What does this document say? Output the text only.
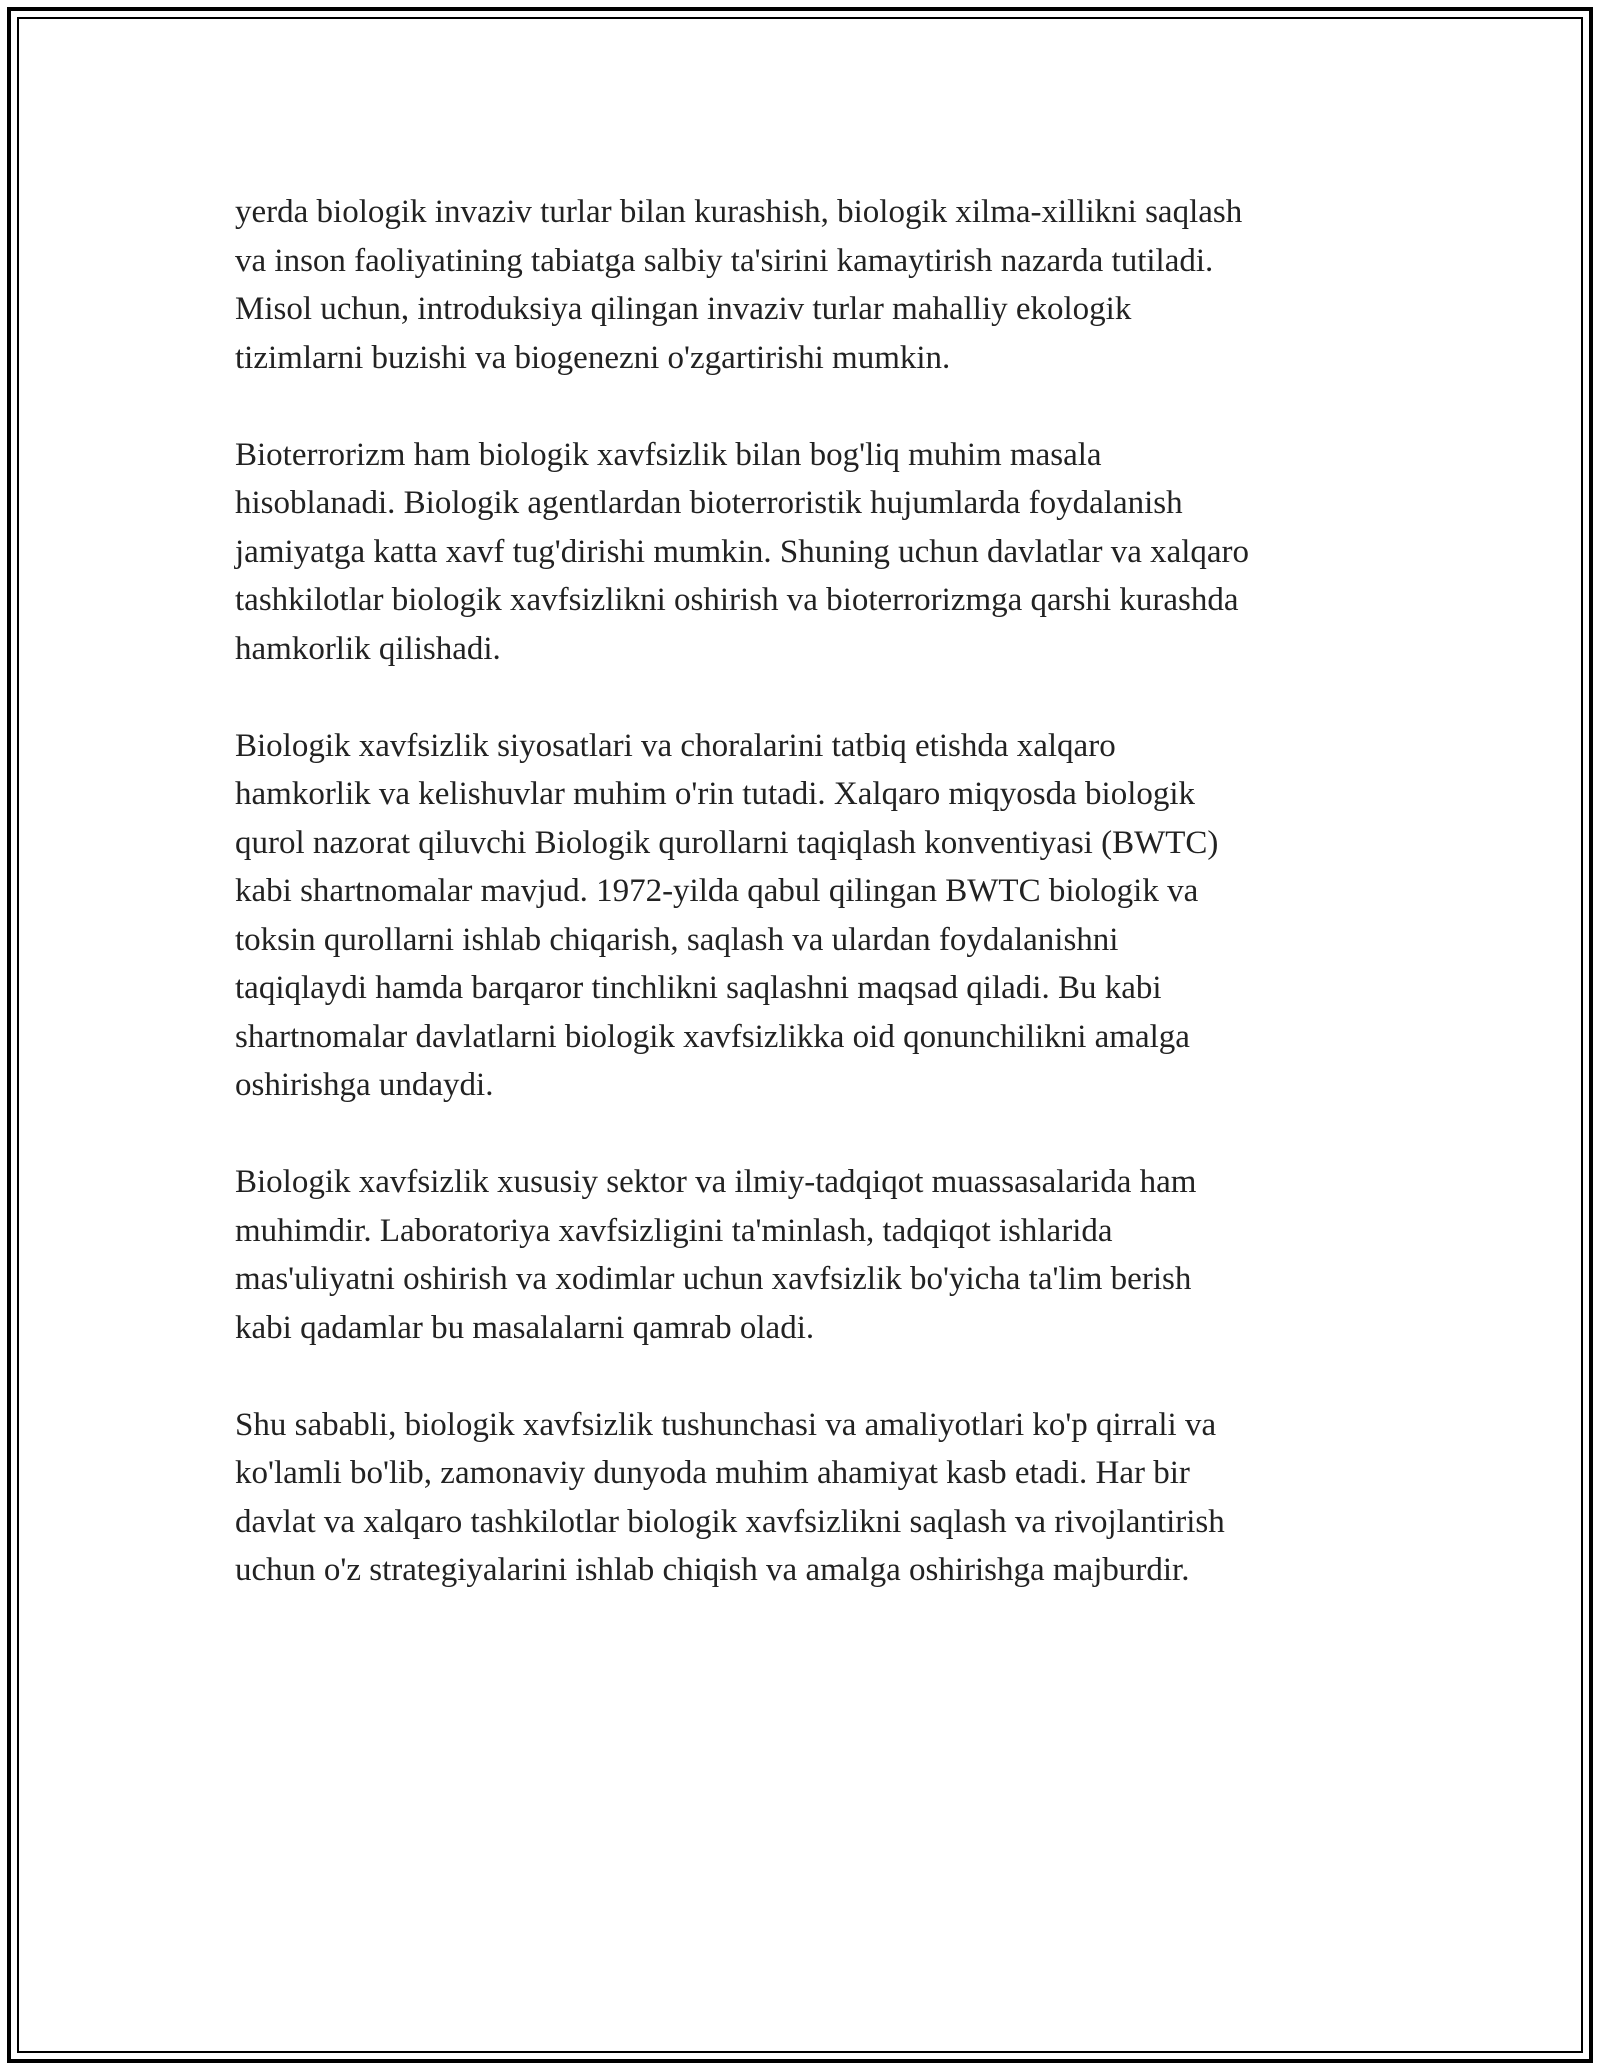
yerda biologik invaziv turlar bilan kurashish, biologik xilma-xillikni saqlash
va inson faoliyatining tabiatga salbiy ta'sirini kamaytirish nazarda tutiladi.
Misol uchun, introduksiya qilingan invaziv turlar mahalliy ekologik
tizimlarni buzishi va biogenezni o'zgartirishi mumkin.

Bioterrorizm ham biologik xavfsizlik bilan bog'liq muhim masala
hisoblanadi. Biologik agentlardan bioterroristik hujumlarda foydalanish
jamiyatga katta xavf tug'dirishi mumkin. Shuning uchun davlatlar va xalqaro
tashkilotlar biologik xavfsizlikni oshirish va bioterrorizmga qarshi kurashda
hamkorlik qilishadi.

Biologik xavfsizlik siyosatlari va choralarini tatbiq etishda xalqaro
hamkorlik va kelishuvlar muhim o'rin tutadi. Xalqaro miqyosda biologik
qurol nazorat qiluvchi Biologik qurollarni taqiqlash konventiyasi (BWTC)
kabi shartnomalar mavjud. 1972-yilda qabul qilingan BWTC biologik va
toksin qurollarni ishlab chiqarish, saqlash va ulardan foydalanishni
taqiqlaydi hamda barqaror tinchlikni saqlashni maqsad qiladi. Bu kabi
shartnomalar davlatlarni biologik xavfsizlikka oid qonunchilikni amalga
oshirishga undaydi.

Biologik xavfsizlik xususiy sektor va ilmiy-tadqiqot muassasalarida ham
muhimdir. Laboratoriya xavfsizligini ta'minlash, tadqiqot ishlarida
mas'uliyatni oshirish va xodimlar uchun xavfsizlik bo'yicha ta'lim berish
kabi qadamlar bu masalalarni qamrab oladi.

Shu sababli, biologik xavfsizlik tushunchasi va amaliyotlari ko'p qirrali va
ko'lamli bo'lib, zamonaviy dunyoda muhim ahamiyat kasb etadi. Har bir
davlat va xalqaro tashkilotlar biologik xavfsizlikni saqlash va rivojlantirish
uchun o'z strategiyalarini ishlab chiqish va amalga oshirishga majburdir.
